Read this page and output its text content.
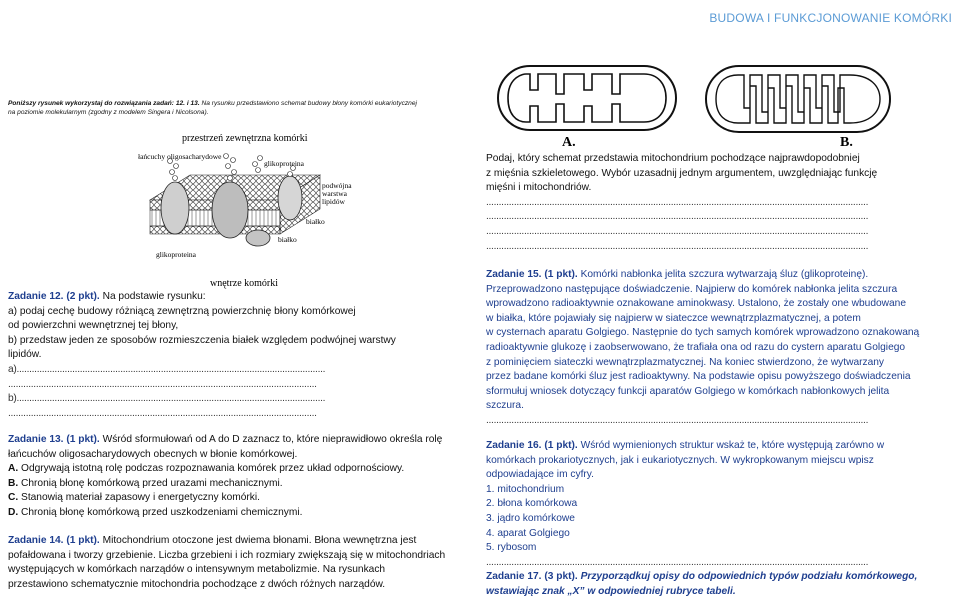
BUDOWA I FUNKCJONOWANIE KOMÓRKI

Poniższy rysunek wykorzystaj do rozwiązania zadań: 12. i 13. Na rysunku przedstawiono schemat budowy błony komórki eukariotycznej

na poziomie molekularnym (zgodny z modelem Singera i Nicolsona).

przestrzeń zewnętrzna komórki
łańcuchy oligosacharydowe
glikoproteina
podwójna
warstwa
lipidów
białko
białko
glikoproteina
wnętrze komórki

Zadanie 12. (2 pkt). Na podstawie rysunku:

a) podaj cechę budowy różniącą zewnętrzną powierzchnię błony komórkowej

od powierzchni wewnętrznej tej błony,

b) przedstaw jeden ze sposobów rozmieszczenia białek względem podwójnej warstwy

lipidów.

a)..........................................................................................................................

..........................................................................................................................

b)..........................................................................................................................

..........................................................................................................................

Zadanie 13. (1 pkt). Wśród sformułowań od A do D zaznacz to, które nieprawidłowo określa rolę

łańcuchów oligosacharydowych obecnych w błonie komórkowej.

A. Odgrywają istotną rolę podczas rozpoznawania komórek przez układ odpornościowy.

B. Chronią błonę komórkową przed urazami mechanicznymi.

C. Stanowią materiał zapasowy i energetyczny komórki.

D. Chronią błonę komórkową przed uszkodzeniami chemicznymi.

Zadanie 14. (1 pkt). Mitochondrium otoczone jest dwiema błonami. Błona wewnętrzna jest

pofałdowana i tworzy grzebienie. Liczba grzebieni i ich rozmiary zwiększają się w mitochondriach

występujących w komórkach narządów o intensywnym metabolizmie. Na rysunkach

przestawiono schematycznie mitochondria pochodzące z dwóch różnych narządów.

A.	B.

Podaj, który schemat przedstawia mitochondrium pochodzące najprawdopodobniej

z mięśnia szkieletowego. Wybór uzasadnij jednym argumentem, uwzględniając funkcję

mięśni i mitochondriów.

.......................................................................................................................................................

.......................................................................................................................................................

.......................................................................................................................................................

.......................................................................................................................................................

Zadanie 15. (1 pkt). Komórki nabłonka jelita szczura wytwarzają śluz (glikoproteinę).

Przeprowadzono następujące doświadczenie. Najpierw do komórek nabłonka jelita szczura

wprowadzono radioaktywnie oznakowane aminokwasy. Ustalono, że zostały one wbudowane

w białka, które pojawiały się najpierw w siateczce wewnątrzplazmatycznej, a potem

w cysternach aparatu Golgiego. Następnie do tych samych komórek wprowadzono oznakowaną

radioaktywnie glukozę i zaobserwowano, że trafiała ona od razu do cystern aparatu Golgiego

z pominięciem siateczki wewnątrzplazmatycznej. Na koniec stwierdzono, że wytwarzany

przez badane komórki śluz jest radioaktywny. Na podstawie opisu powyższego doświadczenia

sformułuj wniosek dotyczący funkcji aparatów Golgiego w komórkach nabłonkowych jelita

szczura.

.......................................................................................................................................................

Zadanie 16. (1 pkt). Wśród wymienionych struktur wskaż te, które występują zarówno w

komórkach prokariotycznych, jak i eukariotycznych. W wykropkowanym miejscu wpisz

odpowiadające im cyfry.

1. mitochondrium

2. błona komórkowa

3. jądro komórkowe

4. aparat Golgiego

5. rybosom

.......................................................................................................................................................

Zadanie 17. (3 pkt). Przyporządkuj opisy do odpowiednich typów podziału komórkowego,

wstawiając znak „X” w odpowiedniej rubryce tabeli.
